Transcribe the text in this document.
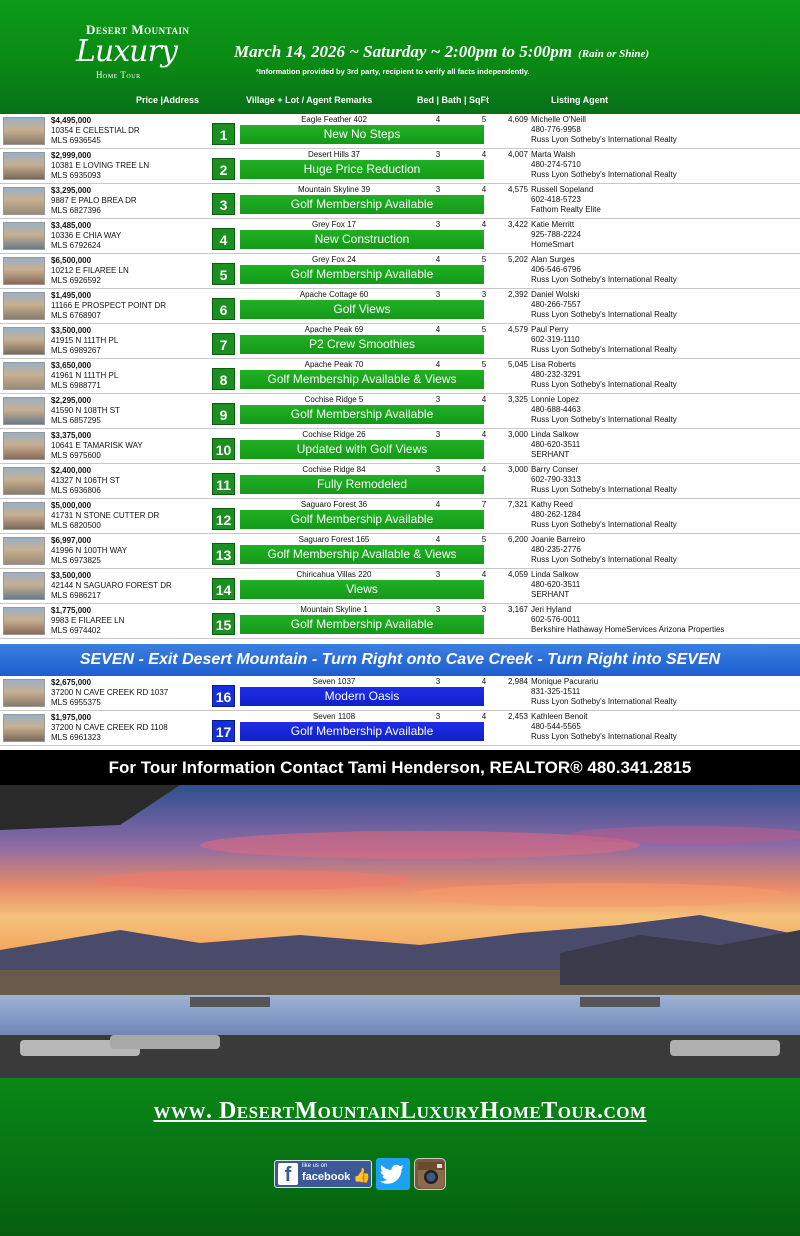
Desert Mountain
Luxury
Home Tour
March 14, 2026 ~ Saturday ~ 2:00pm to 5:00pm (Rain or Shine)
*Information provided by 3rd party, recipient to verify all facts independently.
Price |Address	Village + Lot / Agent Remarks	Bed | Bath | SqFt	Listing Agent
$4,495,000
10354 E CELESTIAL DR
MLS 6936545	1
Eagle Feather 402	4	5	4,609
New No Steps
Michelle O'Neill
480-776-9958
Russ Lyon Sotheby's International Realty
$2,999,000
10381 E LOVING TREE LN
MLS 6935093	2
Desert Hills 37	3	4	4,007
Huge Price Reduction
Marta Walsh
480-274-5710
Russ Lyon Sotheby's International Realty
$3,295,000
9887 E PALO BREA DR
MLS 6827396	3
Mountain Skyline 39	3	4	4,575
Golf Membership Available
Russell Sopeland
602-418-5723
Fathom Realty Elite
$3,485,000
10336 E CHIA WAY
MLS 6792624	4
Grey Fox 17	3	4	3,422
New Construction
Katie Merritt
925-788-2224
HomeSmart
$6,500,000
10212 E FILAREE LN
MLS 6926592	5
Grey Fox 24	4	5	5,202
Golf Membership Available
Alan Surges
406-546-6796
Russ Lyon Sotheby's International Realty
$1,495,000
11166 E PROSPECT POINT DR
MLS 6768907	6
Apache Cottage 60	3	3	2,392
Golf Views
Daniel Wolski
480-266-7557
Russ Lyon Sotheby's International Realty
$3,500,000
41915 N 111TH PL
MLS 6989267	7
Apache Peak 69	4	5	4,579
P2 Crew Smoothies
Paul Perry
602-319-1110
Russ Lyon Sotheby's International Realty
$3,650,000
41961 N 111TH PL
MLS 6988771	8
Apache Peak 70	4	5	5,045
Golf Membership Available & Views
Lisa Roberts
480-232-3291
Russ Lyon Sotheby's International Realty
$2,295,000
41590 N 108TH ST
MLS 6857295	9
Cochise Ridge 5	3	4	3,325
Golf Membership Available
Lonnie Lopez
480-688-4463
Russ Lyon Sotheby's International Realty
$3,375,000
10641 E TAMARISK WAY
MLS 6975600	10
Cochise Ridge 26	3	4	3,000
Updated with Golf Views
Linda Salkow
480-620-3511
SERHANT
$2,400,000
41327 N 106TH ST
MLS 6936806	11
Cochise Ridge 84	3	4	3,000
Fully Remodeled
Barry Conser
602-790-3313
Russ Lyon Sotheby's International Realty
$5,000,000
41731 N STONE CUTTER DR
MLS 6820500	12
Saguaro Forest 36	4	7	7,321
Golf Membership Available
Kathy Reed
480-262-1284
Russ Lyon Sotheby's International Realty
$6,997,000
41996 N 100TH WAY
MLS 6973825	13
Saguaro Forest 165	4	5	6,200
Golf Membership Available & Views
Joanie Barreiro
480-235-2776
Russ Lyon Sotheby's International Realty
$3,500,000
42144 N SAGUARO FOREST DR
MLS 6986217	14
Chiricahua Villas 220	3	4	4,059
Views
Linda Salkow
480-620-3511
SERHANT
$1,775,000
9983 E FILAREE LN
MLS 6974402	15
Mountain Skyline 1	3	3	3,167
Golf Membership Available
Jeri Hyland
602-576-0011
Berkshire Hathaway HomeServices Arizona Properties
SEVEN - Exit Desert Mountain - Turn Right onto Cave Creek - Turn Right into SEVEN
$2,675,000
37200 N CAVE CREEK RD 1037
MLS 6955375	16
Seven 1037	3	4	2,984
Modern Oasis
Monique Pacurariu
831-325-1511
Russ Lyon Sotheby's International Realty
$1,975,000
37200 N CAVE CREEK RD 1108
MLS 6961323	17
Seven 1108	3	4	2,453
Golf Membership Available
Kathleen Benoit
480-544-5565
Russ Lyon Sotheby's International Realty
For Tour Information Contact Tami Henderson, REALTOR® 480.341.2815
www. DesertMountainLuxuryHomeTour.com
f	like us on
facebook 👍
